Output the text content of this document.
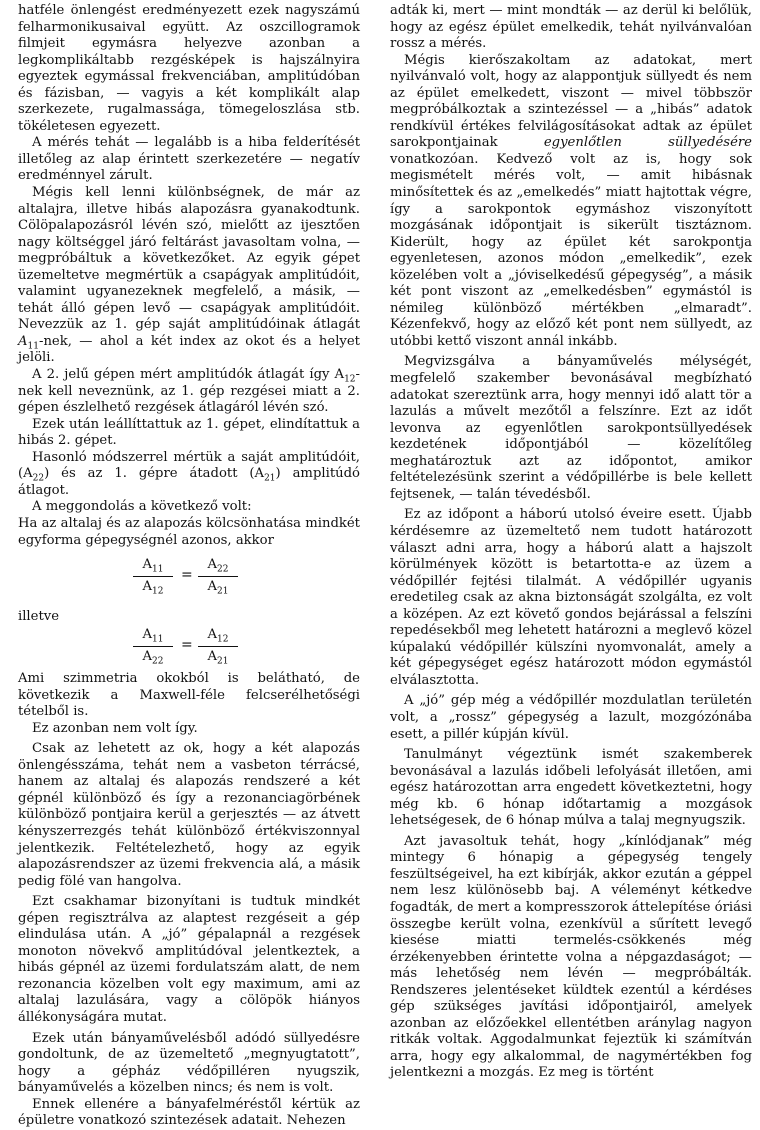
hatféle önlengést eredményezett ezek nagyszámú felharmonikusaival együtt. Az oszcillogramok filmjeit egymásra helyezve azonban a legkomplikáltabb rezgésképek is hajszálnyira egyeztek egymással frekvenciában, amplitúdóban és fázisban, — vagyis a két komplikált alap szerkezete, rugalmassága, tömegeloszlása stb. tökéletesen egyezett.

A mérés tehát — legalább is a hiba felderítését illetőleg az alap érintett szerkezetére — negatív eredménnyel zárult.

Mégis kell lenni különbségnek, de már az altalajra, illetve hibás alapozásra gyanakodtunk. Cölöpalapozásról lévén szó, mielőtt az ijesztően nagy költséggel járó feltárást javasoltam volna, — megpróbáltuk a következőket. Az egyik gépet üzemeltetve megmértük a csapágyak amplitúdóit, valamint ugyanezeknek megfelelő, a másik, — tehát álló gépen levő — csapágyak amplitúdóit. Nevezzük az 1. gép saját amplitúdóinak átlagát $A_{11}$-nek, — ahol a két index az okot és a helyet jelöli.

A 2. jelű gépen mért amplitúdók átlagát így $A_{12}$-nek kell neveznünk, az 1. gép rezgései miatt a 2. gépen észlelhető rezgések átlagáról lévén szó.

Ezek után leállíttattuk az 1. gépet, elindítattuk a hibás 2. gépet.

Hasonló módszerrel mértük a saját amplitúdóit, $(A_{22})$ és az 1. gépre átadott $(A_{21})$ amplitúdó átlagot.

A meggondolás a következő volt:

Ha az altalaj és az alapozás kölcsönhatása mindkét egyforma gépegységnél azonos, akkor

$\frac{A_{11}}{A_{12}} = \frac{A_{22}}{A_{21}}$
illetve
$\frac{A_{11}}{A_{22}} = \frac{A_{12}}{A_{21}}$

Ami szimmetria okokból is belátható, de következik a Maxwell-féle felcserélhetőségi tételből is.

Ez azonban nem volt így.

Csak az lehetett az ok, hogy a két alapozás önlengésszáma, tehát nem a vasbeton térrácsé, hanem az altalaj és alapozás rendszeré a két gépnél különböző és így a rezonanciagörbének különböző pontjaira kerül a gerjesztés — az átvett kényszerrezgés tehát különböző értékviszonnyal jelentkezik. Feltételezhető, hogy az egyik alapozásrendszer az üzemi frekvencia alá, a másik pedig fölé van hangolva.

Ezt csakhamar bizonyítani is tudtuk mindkét gépen regisztrálva az alaptest rezgéseit a gép elindulása után. A „jó” gépalapnál a rezgések monoton növekvő amplitúdóval jelentkeztek, a hibás gépnél az üzemi fordulatszám alatt, de nem rezonancia közelben volt egy maximum, ami az altalaj lazulására, vagy a cölöpök hiányos állékonyságára mutat.

Ezek után bányaművelésből adódó süllyedésre gondoltunk, de az üzemeltető „megnyugtatott”, hogy a gépház védőpilléren nyugszik, bányaművelés a közelben nincs; és nem is volt.

Ennek ellenére a bányafelméréstől kértük az épületre vonatkozó szintezések adatait. Nehezen

adták ki, mert — mint mondták — az derül ki belőlük, hogy az egész épület emelkedik, tehát nyilvánvalóan rossz a mérés.

Mégis kierőszakoltam az adatokat, mert nyilvánvaló volt, hogy az alappontjuk süllyedt és nem az épület emelkedett, viszont — mivel többször megpróbálkoztak a szintezéssel — a „hibás” adatok rendkívül értékes felvilágosításokat adtak az épület sarokpontjainak	egyenlőtlen süllyedésére vonatkozóan. Kedvező volt az is, hogy sok megismételt mérés volt, — amit hibásnak minősítettek és az „emelkedés” miatt hajtottak végre, így a sarokpontok egymáshoz viszonyított mozgásának időpontjait is sikerült tisztáznom. Kiderült, hogy az épület két sarokpontja egyenletesen, azonos módon „emelkedik”, ezek közelében volt a „jóviselkedésű gépegység”, a másik két pont viszont az „emelkedésben” egymástól is némileg különböző mértékben „elmaradt”. Kézenfekvő, hogy az előző két pont nem süllyedt, az utóbbi kettő viszont annál inkább.

Megvizsgálva a bányaművelés mélységét, megfelelő szakember bevonásával megbízható adatokat szereztünk arra, hogy mennyi idő alatt tör a lazulás a művelt mezőtől a felszínre. Ezt az időt levonva az egyenlőtlen sarokpontsüllyedések kezdetének időpontjából — közelítőleg meghatároztuk azt az időpontot, amikor feltételezésünk szerint a védőpillérbe is bele kellett fejtsenek, — talán tévedésből.

Ez az időpont a háború utolsó éveire esett. Újabb kérdésemre az üzemeltető nem tudott határozott választ adni arra, hogy a háború alatt a hajszolt körülmények között is betartotta-e az üzem a védőpillér fejtési tilalmát. A védőpillér ugyanis eredetileg csak az akna biztonságát szolgálta, ez volt a középen. Az ezt követő gondos bejárással a felszíni repedésekből meg lehetett határozni a meglevő közel kúpalakú védőpillér külszíni nyomvonalát, amely a két gépegységet egész határozott módon egymástól elválasztotta.

A „jó” gép még a védőpillér mozdulatlan területén volt, a „rossz” gépegység a lazult, mozgózónába esett, a pillér kúpján kívül.

Tanulmányt végeztünk ismét szakemberek bevonásával a lazulás időbeli lefolyását illetően, ami egész határozottan arra engedett következtetni, hogy még kb. 6 hónap időtartamig a mozgások lehetségesek, de 6 hónap múlva a talaj megnyugszik.

Azt javasoltuk tehát, hogy „kínlódjanak” még mintegy 6 hónapig a gépegység tengely feszültségeivel, ha ezt kibírják, akkor ezután a géppel nem lesz különösebb baj. A véleményt kétkedve fogadták, de mert a kompresszorok áttelepítése óriási összegbe került volna, ezenkívül a sűrített levegő kiesése miatti termelés-csökkenés még érzékenyebben érintette volna a népgazdaságot; — más lehetőség nem lévén — megpróbálták. Rendszeres jelentéseket küldtek ezentúl a kérdéses gép szükséges javítási időpontjairól, amelyek azonban az előzőekkel ellentétben aránylag nagyon ritkák voltak. Aggodalmunkat fejeztük ki számítván arra, hogy egy alkalommal, de nagymértékben fog jelentkezni a mozgás. Ez meg is történt
